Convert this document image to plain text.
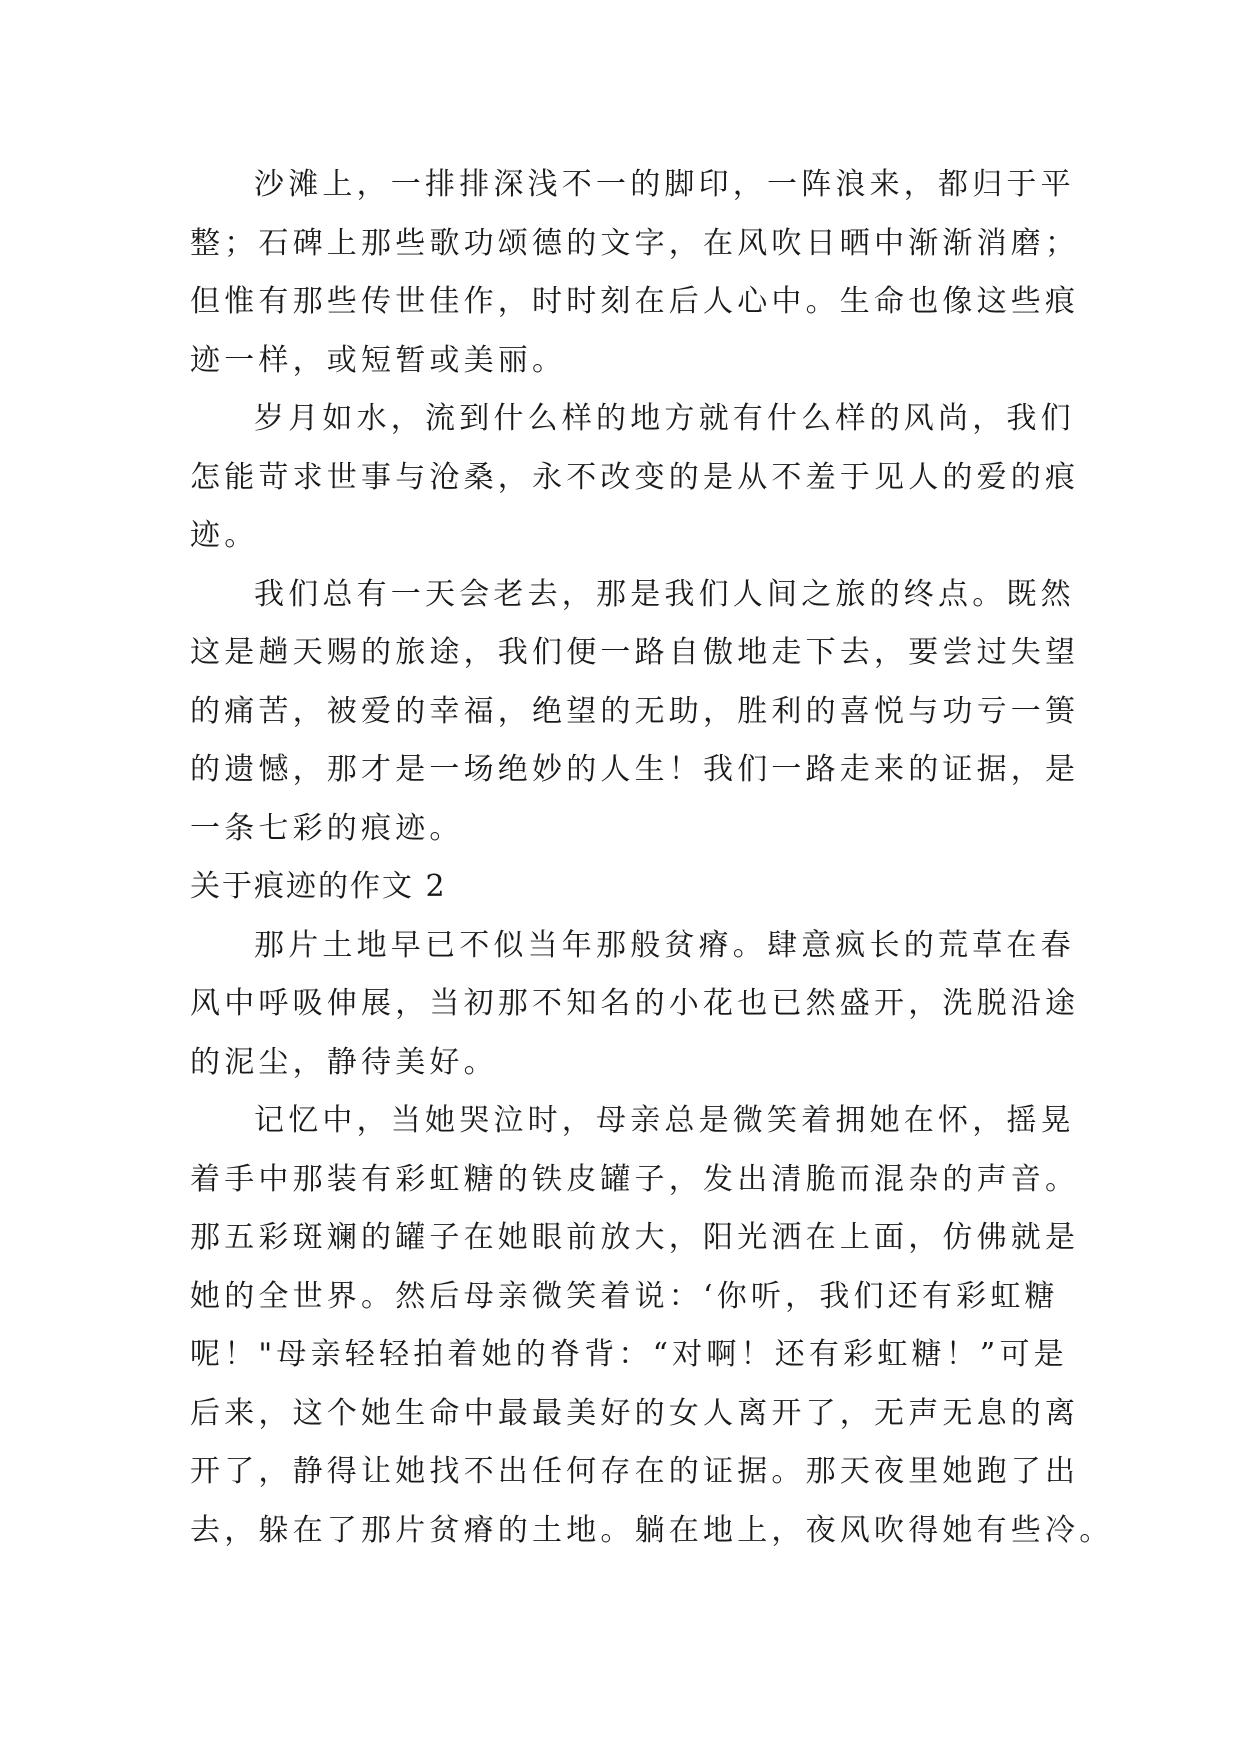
沙滩上，一排排深浅不一的脚印，一阵浪来，都归于平
整；石碑上那些歌功颂德的文字，在风吹日晒中渐渐消磨；
但惟有那些传世佳作，时时刻在后人心中。生命也像这些痕
迹一样，或短暂或美丽。

岁月如水，流到什么样的地方就有什么样的风尚，我们
怎能苛求世事与沧桑，永不改变的是从不羞于见人的爱的痕
迹。

我们总有一天会老去，那是我们人间之旅的终点。既然
这是趟天赐的旅途，我们便一路自傲地走下去，要尝过失望
的痛苦，被爱的幸福，绝望的无助，胜利的喜悦与功亏一篑
的遗憾，那才是一场绝妙的人生！我们一路走来的证据，是
一条七彩的痕迹。

关于痕迹的作文 2

那片土地早已不似当年那般贫瘠。肆意疯长的荒草在春
风中呼吸伸展，当初那不知名的小花也已然盛开，洗脱沿途
的泥尘，静待美好。

记忆中，当她哭泣时，母亲总是微笑着拥她在怀，摇晃
着手中那装有彩虹糖的铁皮罐子，发出清脆而混杂的声音。
那五彩斑斓的罐子在她眼前放大，阳光洒在上面，仿佛就是
她的全世界。然后母亲微笑着说：‘你听，我们还有彩虹糖
呢！"母亲轻轻拍着她的脊背：“对啊！还有彩虹糖！”可是
后来，这个她生命中最最美好的女人离开了，无声无息的离
开了，静得让她找不出任何存在的证据。那天夜里她跑了出
去，躲在了那片贫瘠的土地。躺在地上，夜风吹得她有些冷。
